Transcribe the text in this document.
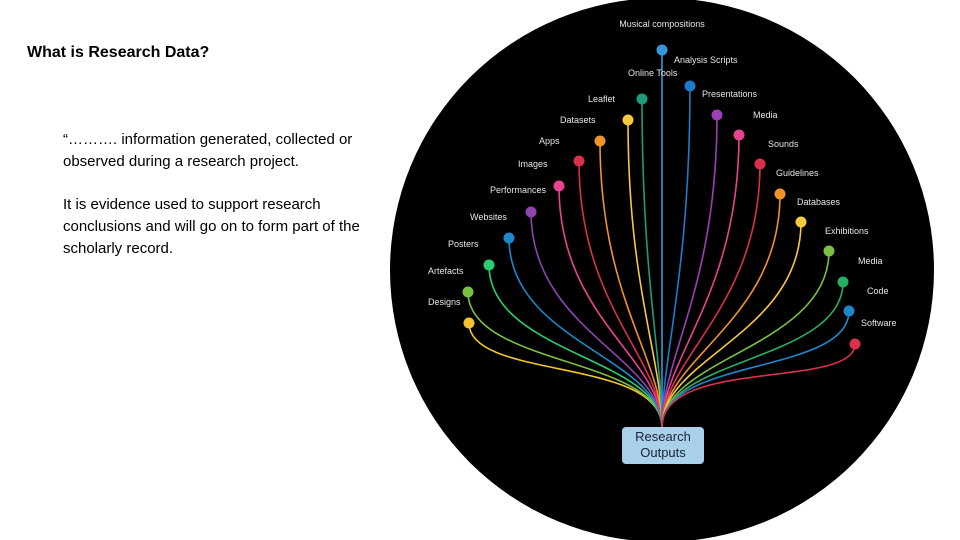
What is Research Data?

“………. information generated, collected or observed during a research project.

It is evidence used to support research conclusions and will go on to form part of the scholarly record.

Designs
Artefacts
Posters
Websites
Performances
Images
Apps
Datasets
Leaflet
Online Tools
Musical compositions
Analysis Scripts
Presentations
Media
Sounds
Guidelines
Databases
Exhibitions
Media
Code
Software
Research
Outputs
